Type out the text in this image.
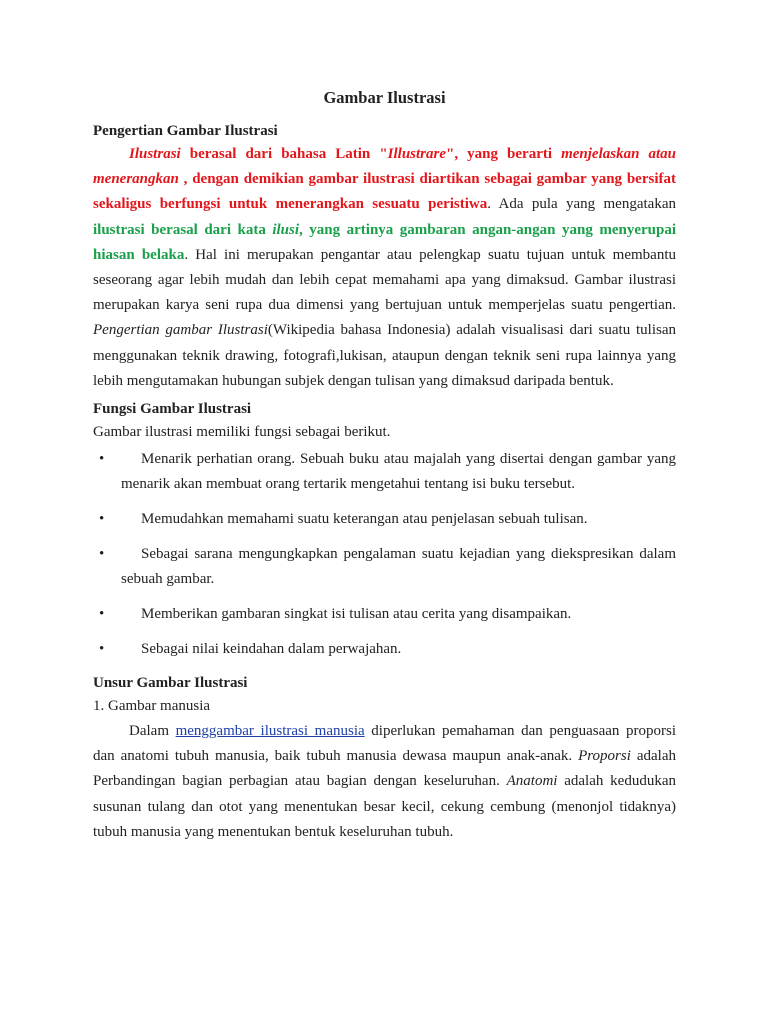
Gambar Ilustrasi
Pengertian Gambar Ilustrasi

Ilustrasi berasal dari bahasa Latin "Illustrare", yang berarti menjelaskan atau menerangkan , dengan demikian gambar ilustrasi diartikan sebagai gambar yang bersifat sekaligus berfungsi untuk menerangkan sesuatu peristiwa. Ada pula yang mengatakan ilustrasi berasal dari kata ilusi, yang artinya gambaran angan-angan yang menyerupai hiasan belaka. Hal ini merupakan pengantar atau pelengkap suatu tujuan untuk membantu seseorang agar lebih mudah dan lebih cepat memahami apa yang dimaksud. Gambar ilustrasi merupakan karya seni rupa dua dimensi yang bertujuan untuk memperjelas suatu pengertian. Pengertian gambar Ilustrasi(Wikipedia bahasa Indonesia) adalah visualisasi dari suatu tulisan menggunakan teknik drawing, fotografi,lukisan, ataupun dengan teknik seni rupa lainnya yang lebih mengutamakan hubungan subjek dengan tulisan yang dimaksud daripada bentuk.

Fungsi Gambar Ilustrasi

Gambar ilustrasi memiliki fungsi sebagai berikut.

• Menarik perhatian orang. Sebuah buku atau majalah yang disertai dengan gambar yang menarik akan membuat orang tertarik mengetahui tentang isi buku tersebut.
• Memudahkan memahami suatu keterangan atau penjelasan sebuah tulisan.
• Sebagai sarana mengungkapkan pengalaman suatu kejadian yang diekspresikan dalam sebuah gambar.
• Memberikan gambaran singkat isi tulisan atau cerita yang disampaikan.
• Sebagai nilai keindahan dalam perwajahan.
Unsur Gambar Ilustrasi

1. Gambar manusia

Dalam menggambar ilustrasi manusia diperlukan pemahaman dan penguasaan proporsi dan anatomi tubuh manusia, baik tubuh manusia dewasa maupun anak-anak. Proporsi adalah Perbandingan bagian perbagian atau bagian dengan keseluruhan. Anatomi adalah kedudukan susunan tulang dan otot yang menentukan besar kecil, cekung cembung (menonjol tidaknya) tubuh manusia yang menentukan bentuk keseluruhan tubuh.
